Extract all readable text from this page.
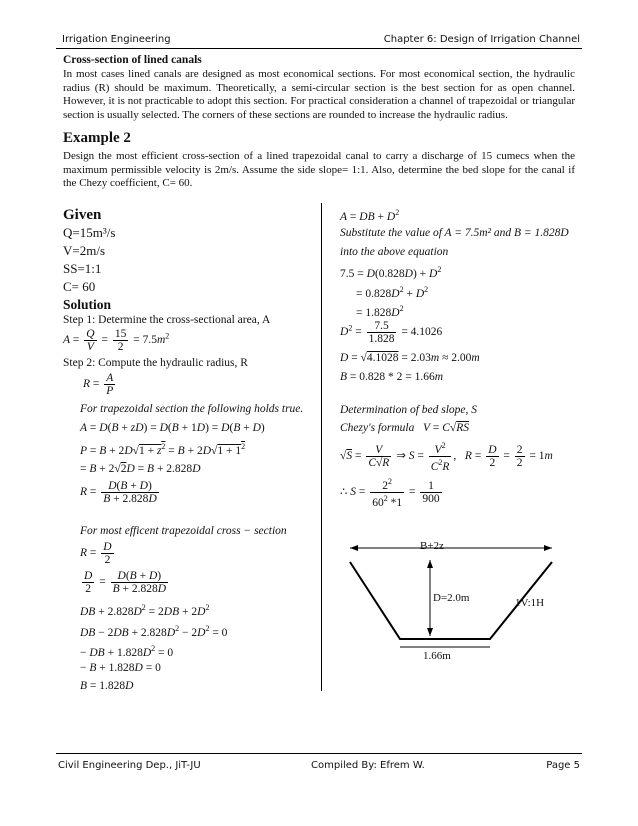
Irrigation Engineering	Chapter 6: Design of Irrigation Channel
Cross-section of lined canals
In most cases lined canals are designed as most economical sections. For most economical section, the hydraulic radius (R) should be maximum. Theoretically, a semi-circular section is the best section for as open channel. However, it is not practicable to adopt this section. For practical consideration a channel of trapezoidal or triangular section is usually selected. The corners of these sections are rounded to increase the hydraulic radius.
Example 2
Design the most efficient cross-section of a lined trapezoidal canal to carry a discharge of 15 cumecs when the maximum permissible velocity is 2m/s. Assume the side slope= 1:1. Also, determine the bed slope for the canal if the Chezy coefficient, C= 60.
Given
Q=15m³/s
V=2m/s
SS=1:1
C= 60
Solution
Step 1: Determine the cross-sectional area, A
$A = \frac{Q}{V} = \frac{15}{2} = 7.5m^2$
Step 2: Compute the hydraulic radius, R
$R = \frac{A}{P}$
For trapezoidal section the following holds true.
A = D(B + zD) = D(B + 1D) = D(B + D)
$P = B + 2D√1 + z^2 = B + 2D√1 + 1^2$
= B + 2√2D = B + 2.828D
$R = \frac{D(B + D)}{B + 2.828D}$
For most efficent trapezoidal cross − section
$R = \frac{D}{2}$
$\frac{D}{2} = \frac{D(B + D)}{B + 2.828D}$
DB + $2.828D^2 = 2DB + 2D^2$
DB − $2DB + 2.828D^2 - 2D^2 = 0$
− DB + $1.828D^2 = 0$
− B + 1.828D = 0
B = 1.828D
A = DB + $D^2$
Substitute the value of A = 7.5m² and B = 1.828D
into the above equation
$7.5 = D(0.828D) + D^2$
= $0.828D^2 + D^2$
= $1.828D^2$
$D^2 = \frac{7.5}{1.828} = 4.1026$
D = √4.1028 = 2.03m ≈ 2.00m
B = 0.828 * 2 = 1.66m
Determination of bed slope, S
Chezy's formula V = C√RS
$√S = \frac{V}{C√R}$ ⇒ $S = \frac{V^2}{C^2R}$ ,   $R = \frac{D}{2} = \frac{2}{2} = 1m$
∴ $S = \frac{2^2}{60^2 *1} = \frac{1}{900}$
B+2z
D=2.0m	1V:1H
1.66m
Civil Engineering Dep., JiT-JU	Compiled By: Efrem W.	Page 5
